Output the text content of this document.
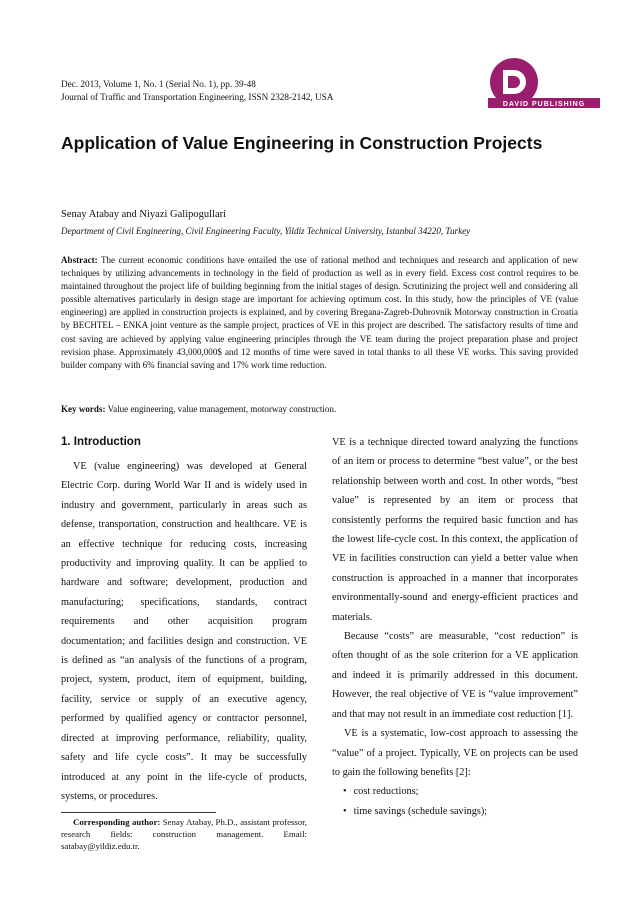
Dec. 2013, Volume 1, No. 1 (Serial No. 1), pp. 39-48
Journal of Traffic and Transportation Engineering, ISSN 2328-2142, USA
DAVID PUBLISHING
Application of Value Engineering in Construction Projects
Senay Atabay and Niyazi Galipogullari
Department of Civil Engineering, Civil Engineering Faculty, Yildiz Technical University, Istanbul 34220, Turkey

Abstract: The current economic conditions have entailed the use of rational method and techniques and research and application of new techniques by utilizing advancements in technology in the field of production as well as in every field. Excess cost control requires to be maintained throughout the project life of building beginning from the initial stages of design. Scrutinizing the project well and considering all possible alternatives particularly in design stage are important for achieving optimum cost. In this study, how the principles of VE (value engineering) are applied in construction projects is explained, and by covering Bregana-Zagreb-Dubrovnik Motorway construction in Croatia by BECHTEL – ENKA joint venture as the sample project, practices of VE in this project are described. The satisfactory results of time and cost saving are achieved by applying value engineering principles through the VE team during the project preparation phase and project revision phase. Approximately 43,000,000$ and 12 months of time were saved in total thanks to all these VE works. This saving provided builder company with 6% financial saving and 17% work time reduction.

Key words: Value engineering, value management, motorway construction.
1. Introduction

VE (value engineering) was developed at General Electric Corp. during World War II and is widely used in industry and government, particularly in areas such as defense, transportation, construction and healthcare. VE is an effective technique for reducing costs, increasing productivity and improving quality. It can be applied to hardware and software; development, production and manufacturing; specifications, standards, contract requirements and other acquisition program documentation; and facilities design and construction. VE is defined as “an analysis of the functions of a program, project, system, product, item of equipment, building, facility, service or supply of an executive agency, performed by qualified agency or contractor personnel, directed at improving performance, reliability, quality, safety and life cycle costs”. It may be successfully introduced at any point in the life-cycle of products, systems, or procedures.

Corresponding author: Senay Atabay, Ph.D., assistant professor, research fields: construction management. Email: satabay@yildiz.edu.tr.

VE is a technique directed toward analyzing the functions of an item or process to determine “best value”, or the best relationship between worth and cost. In other words, “best value” is represented by an item or process that consistently performs the required basic function and has the lowest life-cycle cost. In this context, the application of VE in facilities construction can yield a better value when construction is approached in a manner that incorporates environmentally-sound and energy-efficient practices and materials.

Because “costs” are measurable, “cost reduction” is often thought of as the sole criterion for a VE application and indeed it is primarily addressed in this document. However, the real objective of VE is “value improvement” and that may not result in an immediate cost reduction [1].

VE is a systematic, low-cost approach to assessing the “value” of a project. Typically, VE on projects can be used to gain the following benefits [2]:

• cost reductions;
• time savings (schedule savings);
